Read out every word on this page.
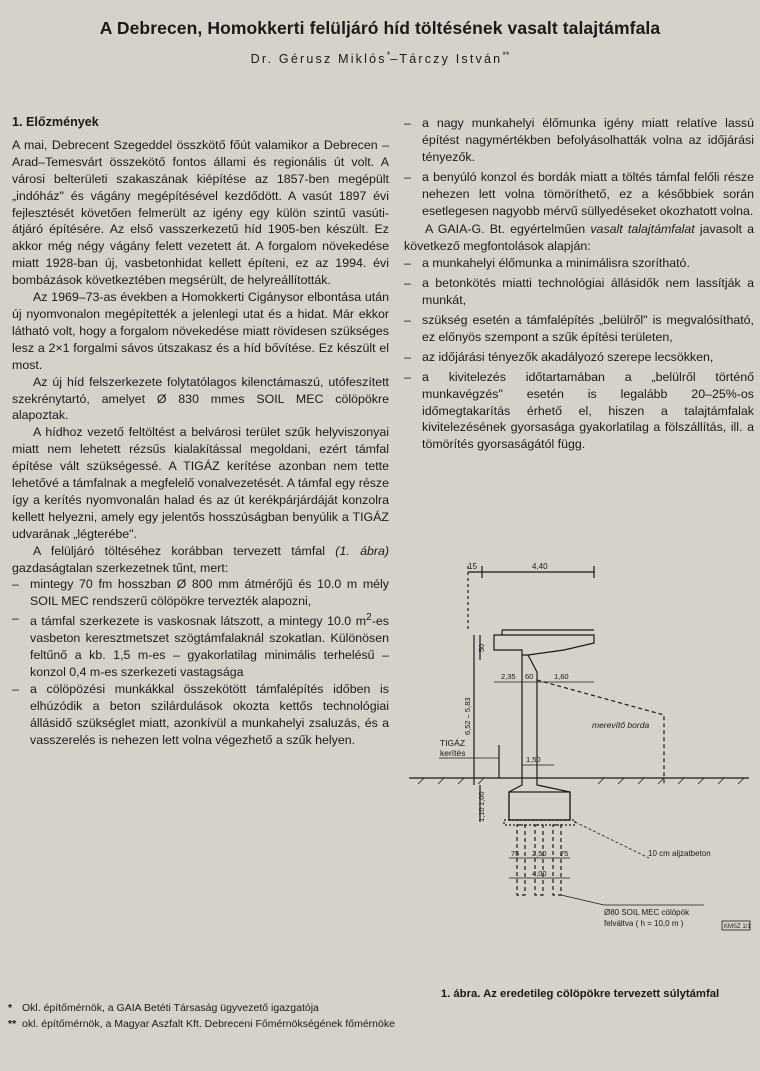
A Debrecen, Homokkerti felüljáró híd töltésének vasalt talajtámfala
Dr. Gérusz Miklós*–Tárczy István**
1. Előzmények

A mai, Debrecent Szegeddel összkötő főút valamikor a Debrecen –Arad–Temesvárt összekötő fontos állami és regionális út volt. A városi belterületi szakaszának kiépítése az 1857-ben megépült „indóház" és vágány megépítésével kezdődött. A vasút 1897 évi fejlesztését követően felmerült az igény egy külön szintű vasúti- átjáró építésére. Az első vasszerkezetű híd 1905-ben készült. Ez akkor még négy vágány felett vezetett át. A forgalom növekedése miatt 1928-ban új, vasbetonhidat kellett építeni, ez az 1994. évi bombázások következtében megsérült, de helyreállították.

Az 1969–73-as években a Homokkerti Cigánysor elbontása után új nyomvonalon megépítették a jelenlegi utat és a hidat. Már ekkor látható volt, hogy a forgalom növekedése miatt rövidesen szükséges lesz a 2×1 forgalmi sávos útszakasz és a híd bővítése. Ez készült el most.

Az új híd felszerkezete folytatólagos kilenctámaszú, utófeszített szekrénytartó, amelyet Ø 830 mmes SOIL MEC cölöpökre alapoztak.

A hídhoz vezető feltöltést a belvárosi terület szűk helyviszonyai miatt nem lehetett rézsűs kialakítással megoldani, ezért támfal építése vált szükségessé. A TIGÁZ kerítése azonban nem tette lehetővé a támfalnak a megfelelő vonalvezetését. A támfal egy része így a kerítés nyomvonalán halad és az út kerékpárjárdáját konzolra kellett helyezni, amely egy jelentős hosszúságban benyúlik a TIGÁZ udvarának „légterébe".

A felüljáró töltéséhez korábban tervezett támfal (1. ábra) gazdaságtalan szerkezetnek tűnt, mert:

– mintegy 70 fm hosszban Ø 800 mm átmérőjű és 10.0 m mély SOIL MEC rendszerű cölöpökre tervezték alapozni,
– a támfal szerkezete is vaskosnak látszott, a mintegy 10.0 $m^2-es$ vasbeton keresztmetszet szögtámfalaknál szokatlan. Különösen feltűnő a kb. 1,5 m-es – gyakorlatilag minimális terhelésű – konzol 0,4 m-es szerkezeti vastagsága
– a cölöpözési munkákkal összekötött támfalépítés időben is elhúzódik a beton szilárdulások okozta kettős technológiai állásidő szükséglet miatt, azonkívül a munkahelyi zsaluzás, és a vasszerelés is nehezen lett volna végezhető a szűk helyen.
– a nagy munkahelyi élőmunka igény miatt relatíve lassú építést nagymértékben befolyásolhatták volna az időjárási tényezők.
– a benyúló konzol és bordák miatt a töltés támfal felőli része nehezen lett volna tömöríthető, ez a későbbiek során esetlegesen nagyobb mérvű süllyedéseket okozhatott volna.

A GAIA-G. Bt. egyértelműen vasalt talajtámfalat javasolt a következő megfontolások alapján:

– a munkahelyi élőmunka a minimálisra szorítható.
– a betonkötés miatti technológiai állásidők nem lassítják a munkát,
– szükség esetén a támfalépítés „belülről" is megvalósítható, ez előnyös szempont a szűk építési területen,
– az időjárási tényezők akadályozó szerepe lecsökken,
– a kivitelezés időtartamában a „belülről történő munkavégzés" esetén is legalább 20–25%-os időmegtakarítás érhető el, hiszen a talajtámfalak kivitelezésének gyorsasága gyakorlatilag a fölszállítás, ill. a tömörítés gyorsaságától függ.
15	4,40
50
2,35 60	1,60
6,52 – 5,83
1,50
1,00
1,10
75 2,50 75
4,00
merevítő borda
TIGÁZ
kerítés
10 cm aljzatbeton
Ø80 SOIL MEC cölöpök
felváltva ( h = 10,0 m )	KMSZ 1/1
1. ábra. Az eredetileg cölöpökre tervezett súlytámfal
* Okl. építőmérnök, a GAIA Betéti Társaság ügyvezető igazgatója
** okl. építőmérnök, a Magyar Aszfalt Kft. Debreceni Főmérnökségének főmérnöke
